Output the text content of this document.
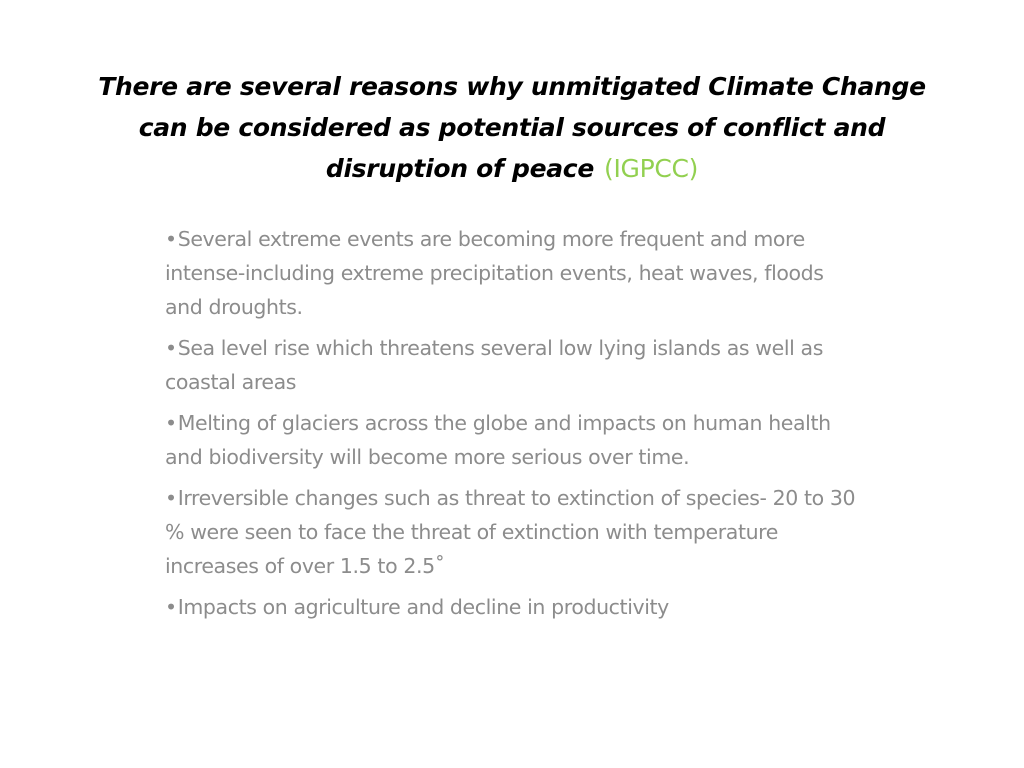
There are several reasons why unmitigated Climate Change can be considered as potential sources of conflict and disruption of peace (IGPCC)
•Several extreme events are becoming more frequent and more intense-including extreme precipitation events, heat waves, floods and droughts.
•Sea level rise which threatens several low lying islands as well as coastal areas
•Melting of glaciers across the globe and impacts on human health and biodiversity will become more serious over time.
•Irreversible changes such as threat to extinction of species- 20 to 30 % were seen to face the threat of extinction with temperature increases of over 1.5 to 2.5˚
•Impacts on agriculture and decline in productivity
